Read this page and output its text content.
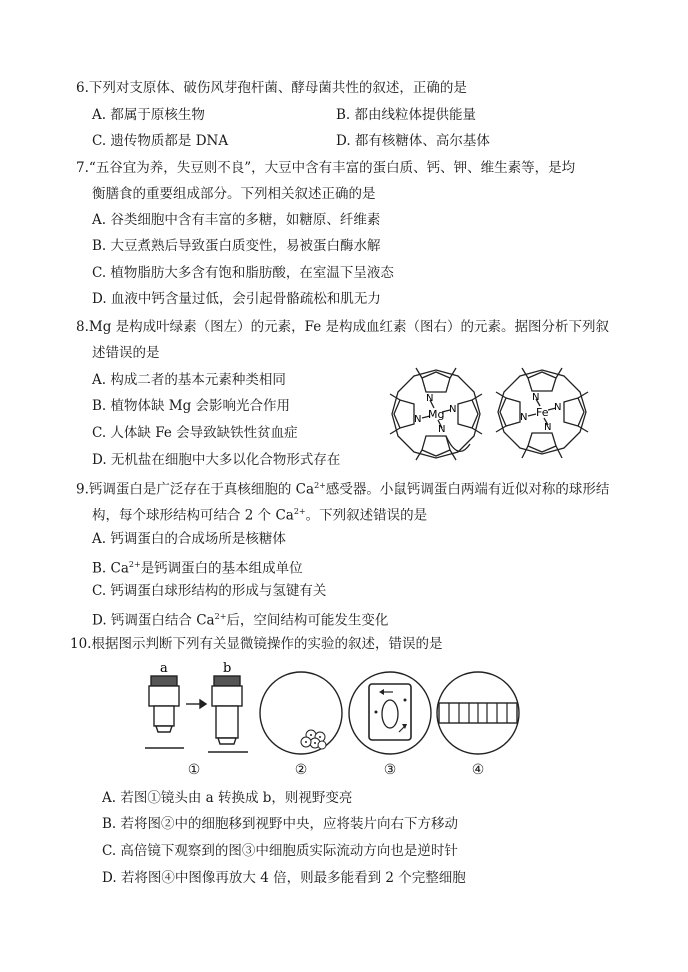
6.下列对支原体、破伤风芽孢杆菌、酵母菌共性的叙述，正确的是
A. 都属于原核生物	B. 都由线粒体提供能量
C. 遗传物质都是 DNA	D. 都有核糖体、高尔基体
7.“五谷宜为养，失豆则不良”，大豆中含有丰富的蛋白质、钙、钾、维生素等，是均
衡膳食的重要组成部分。下列相关叙述正确的是
A. 谷类细胞中含有丰富的多糖，如糖原、纤维素
B. 大豆煮熟后导致蛋白质变性，易被蛋白酶水解
C. 植物脂肪大多含有饱和脂肪酸，在室温下呈液态
D. 血液中钙含量过低，会引起骨骼疏松和肌无力
8.Mg 是构成叶绿素（图左）的元素，Fe 是构成血红素（图右）的元素。据图分析下列叙
述错误的是
A. 构成二者的基本元素种类相同
B. 植物体缺 Mg 会影响光合作用
C. 人体缺 Fe 会导致缺铁性贫血症
D. 无机盐在细胞中大多以化合物形式存在
N
N
N
N Mg
N
N
N
N Fe
9.钙调蛋白是广泛存在于真核细胞的 $Ca^{2+}$感受器。小鼠钙调蛋白两端有近似对称的球形结
构，每个球形结构可结合 2 个 $Ca^{2+}$。下列叙述错误的是
A. 钙调蛋白的合成场所是核糖体
B. $Ca^{2+}$是钙调蛋白的基本组成单位
C. 钙调蛋白球形结构的形成与氢键有关
D. 钙调蛋白结合 $Ca^{2+}$后，空间结构可能发生变化
10.根据图示判断下列有关显微镜操作的实验的叙述，错误的是
a	b
①	②	③	④
A. 若图①镜头由 a 转换成 b，则视野变亮
B. 若将图②中的细胞移到视野中央，应将装片向右下方移动
C. 高倍镜下观察到的图③中细胞质实际流动方向也是逆时针
D. 若将图④中图像再放大 4 倍，则最多能看到 2 个完整细胞
